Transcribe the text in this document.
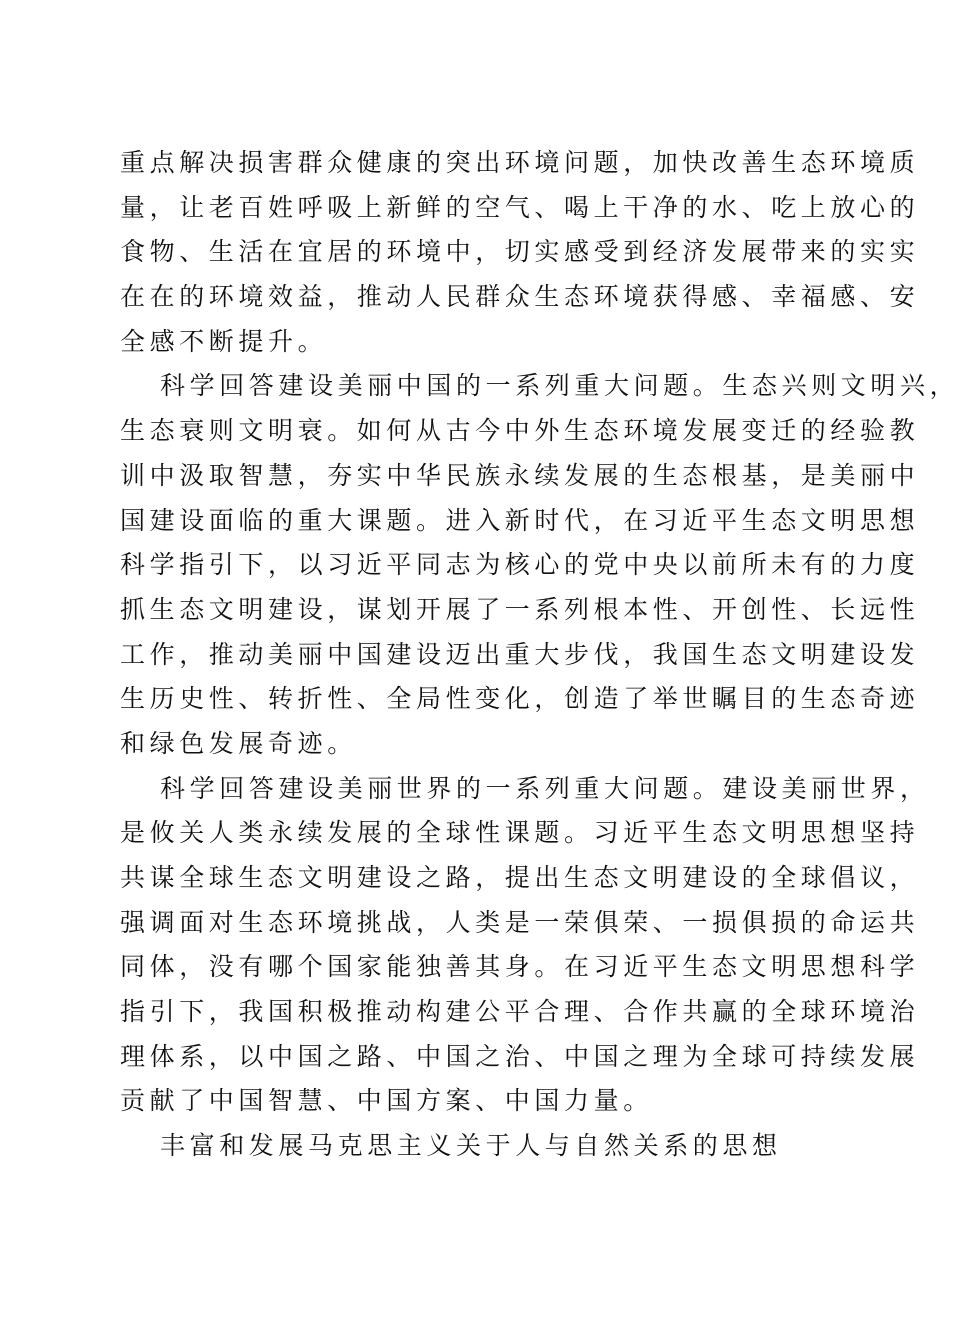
重点解决损害群众健康的突出环境问题，加快改善生态环境质
量，让老百姓呼吸上新鲜的空气、喝上干净的水、吃上放心的
食物、生活在宜居的环境中，切实感受到经济发展带来的实实
在在的环境效益，推动人民群众生态环境获得感、幸福感、安
全感不断提升。
科学回答建设美丽中国的一系列重大问题。生态兴则文明兴，
生态衰则文明衰。如何从古今中外生态环境发展变迁的经验教
训中汲取智慧，夯实中华民族永续发展的生态根基，是美丽中
国建设面临的重大课题。进入新时代，在习近平生态文明思想
科学指引下，以习近平同志为核心的党中央以前所未有的力度
抓生态文明建设，谋划开展了一系列根本性、开创性、长远性
工作，推动美丽中国建设迈出重大步伐，我国生态文明建设发
生历史性、转折性、全局性变化，创造了举世瞩目的生态奇迹
和绿色发展奇迹。
科学回答建设美丽世界的一系列重大问题。建设美丽世界，
是攸关人类永续发展的全球性课题。习近平生态文明思想坚持
共谋全球生态文明建设之路，提出生态文明建设的全球倡议，
强调面对生态环境挑战，人类是一荣俱荣、一损俱损的命运共
同体，没有哪个国家能独善其身。在习近平生态文明思想科学
指引下，我国积极推动构建公平合理、合作共赢的全球环境治
理体系，以中国之路、中国之治、中国之理为全球可持续发展
贡献了中国智慧、中国方案、中国力量。
丰富和发展马克思主义关于人与自然关系的思想
